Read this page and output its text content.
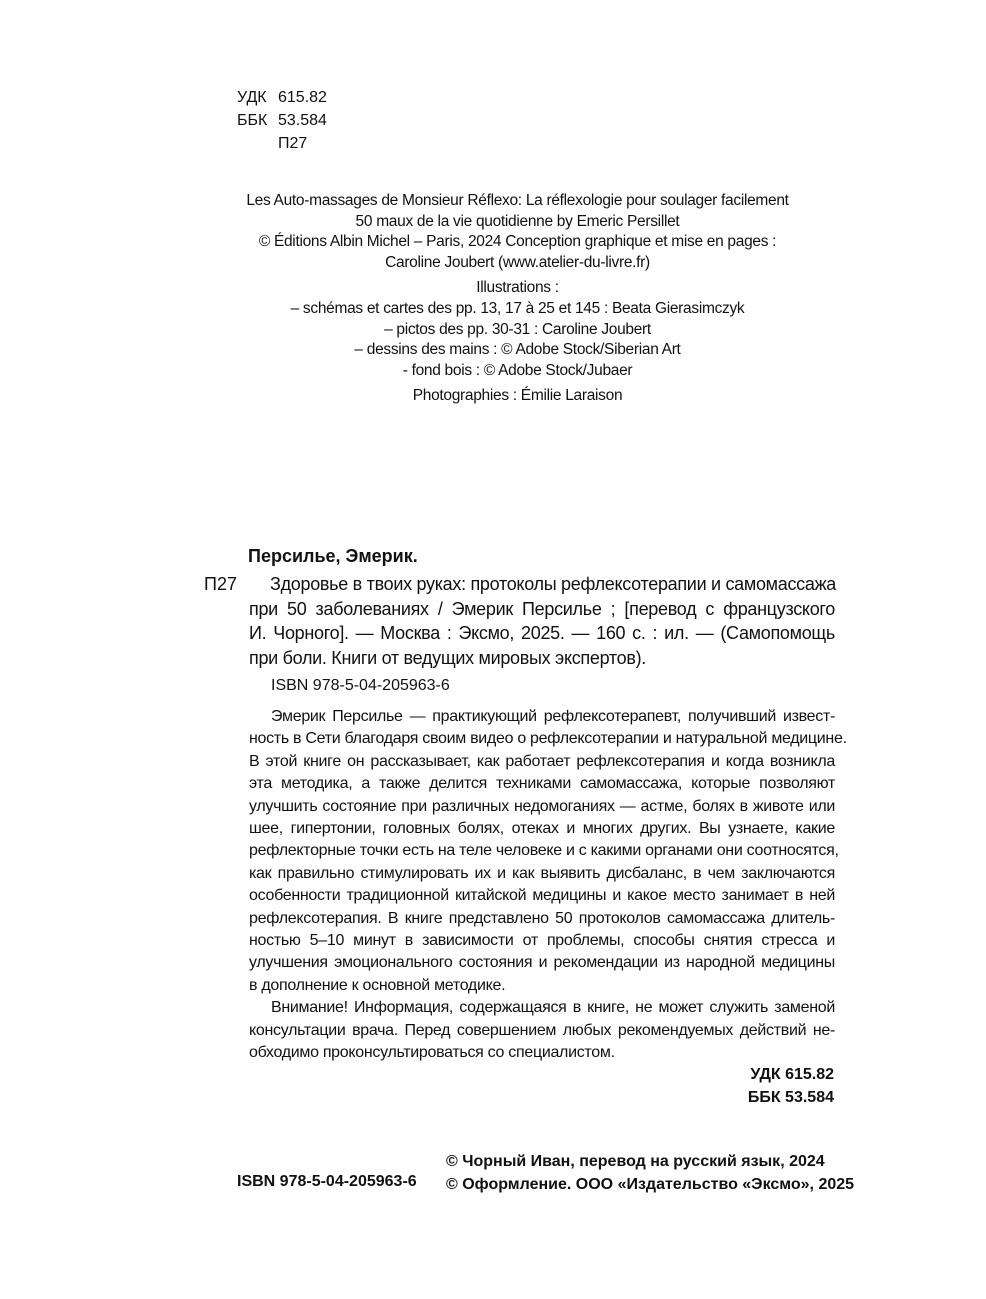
УДК 615.82
ББК 53.584
П27
Les Auto-massages de Monsieur Réflexo: La réflexologie pour soulager facilement
50 maux de la vie quotidienne by Emeric Persillet
© Éditions Albin Michel – Paris, 2024 Conception graphique et mise en pages :
Caroline Joubert (www.atelier-du-livre.fr)
Illustrations :
– schémas et cartes des pp. 13, 17 à 25 et 145 : Beata Gierasimczyk
– pictos des pp. 30-31 : Caroline Joubert
– dessins des mains : © Adobe Stock/Siberian Art
- fond bois : © Adobe Stock/Jubaer
Photographies : Émilie Laraison
Персилье, Эмерик.
П27	Здоровье в твоих руках: протоколы рефлексотерапии и самомассажа
при 50 заболеваниях / Эмерик Персилье ; [перевод с французского
И. Чорного]. — Москва : Эксмо, 2025. — 160 с. : ил. — (Самопомощь
при боли. Книги от ведущих мировых экспертов).
ISBN 978-5-04-205963-6
Эмерик Персилье — практикующий рефлексотерапевт, получивший извест-
ность в Сети благодаря своим видео о рефлексотерапии и натуральной медицине.
В этой книге он рассказывает, как работает рефлексотерапия и когда возникла
эта методика, а также делится техниками самомассажа, которые позволяют
улучшить состояние при различных недомоганиях — астме, болях в животе или
шее, гипертонии, головных болях, отеках и многих других. Вы узнаете, какие
рефлекторные точки есть на теле человеке и с какими органами они соотносятся,
как правильно стимулировать их и как выявить дисбаланс, в чем заключаются
особенности традиционной китайской медицины и какое место занимает в ней
рефлексотерапия. В книге представлено 50 протоколов самомассажа длитель-
ностью 5–10 минут в зависимости от проблемы, способы снятия стресса и
улучшения эмоционального состояния и рекомендации из народной медицины
в дополнение к основной методике.
Внимание! Информация, содержащаяся в книге, не может служить заменой
консультации врача. Перед совершением любых рекомендуемых действий не-
обходимо проконсультироваться со специалистом.
УДК 615.82
ББК 53.584
© Чорный Иван, перевод на русский язык, 2024
© Оформление. ООО «Издательство «Эксмо», 2025
ISBN 978-5-04-205963-6
